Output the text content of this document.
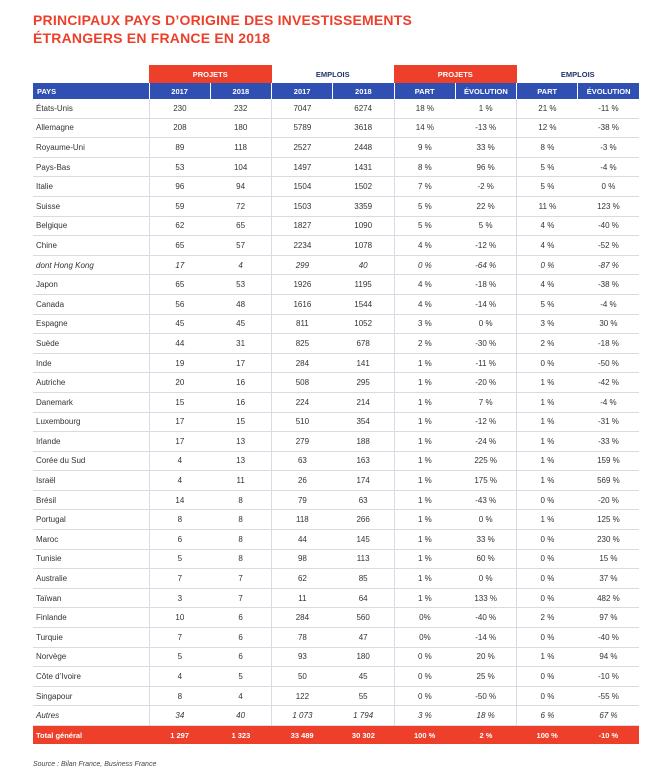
PRINCIPAUX PAYS D’ORIGINE DES INVESTISSEMENTS
ÉTRANGERS EN FRANCE EN 2018
	PROJETS		EMPLOIS		PROJETS		EMPLOIS	
PAYS	2017	2018	2017	2018	PART	ÉVOLUTION	PART	ÉVOLUTION
États-Unis	230	232	7047	6274	18 %	1 %	21 %	-11 %
Allemagne	208	180	5789	3618	14 %	-13 %	12 %	-38 %
Royaume-Uni	89	118	2527	2448	9 %	33 %	8 %	-3 %
Pays-Bas	53	104	1497	1431	8 %	96 %	5 %	-4 %
Italie	96	94	1504	1502	7 %	-2 %	5 %	0 %
Suisse	59	72	1503	3359	5 %	22 %	11 %	123 %
Belgique	62	65	1827	1090	5 %	5 %	4 %	-40 %
Chine	65	57	2234	1078	4 %	-12 %	4 %	-52 %
dont Hong Kong	17	4	299	40	0 %	-64 %	0 %	-87 %
Japon	65	53	1926	1195	4 %	-18 %	4 %	-38 %
Canada	56	48	1616	1544	4 %	-14 %	5 %	-4 %
Espagne	45	45	811	1052	3 %	0 %	3 %	30 %
Suède	44	31	825	678	2 %	-30 %	2 %	-18 %
Inde	19	17	284	141	1 %	-11 %	0 %	-50 %
Autriche	20	16	508	295	1 %	-20 %	1 %	-42 %
Danemark	15	16	224	214	1 %	7 %	1 %	-4 %
Luxembourg	17	15	510	354	1 %	-12 %	1 %	-31 %
Irlande	17	13	279	188	1 %	-24 %	1 %	-33 %
Corée du Sud	4	13	63	163	1 %	225 %	1 %	159 %
Israël	4	11	26	174	1 %	175 %	1 %	569 %
Brésil	14	8	79	63	1 %	-43 %	0 %	-20 %
Portugal	8	8	118	266	1 %	0 %	1 %	125 %
Maroc	6	8	44	145	1 %	33 %	0 %	230 %
Tunisie	5	8	98	113	1 %	60 %	0 %	15 %
Australie	7	7	62	85	1 %	0 %	0 %	37 %
Taïwan	3	7	11	64	1 %	133 %	0 %	482 %
Finlande	10	6	284	560	0%	-40 %	2 %	97 %
Turquie	7	6	78	47	0%	-14 %	0 %	-40 %
Norvège	5	6	93	180	0 %	20 %	1 %	94 %
Côte d’Ivoire	4	5	50	45	0 %	25 %	0 %	-10 %
Singapour	8	4	122	55	0 %	-50 %	0 %	-55 %
Autres	34	40	1 073	1 794	3 %	18 %	6 %	67 %
Total général	1 297	1 323	33 489	30 302	100 %	2 %	100 %	-10 %
Source : Bilan France, Business France
